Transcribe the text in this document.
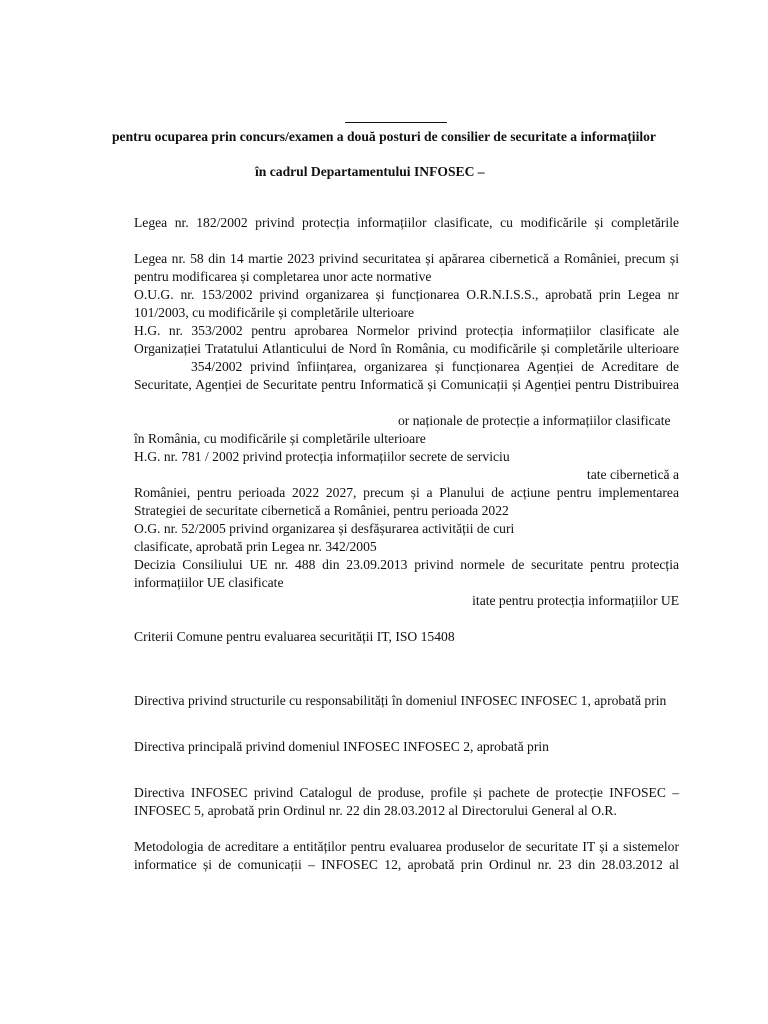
pentru ocuparea prin concurs/examen a două posturi de consilier de securitate a informațiilor
în cadrul Departamentului INFOSEC –

Legea nr. 182/2002 privind protecția informațiilor clasificate, cu modificările și completările

Legea nr. 58 din 14 martie 2023 privind securitatea și apărarea cibernetică a României, precum și

pentru modificarea și completarea unor acte normative

O.U.G. nr. 153/2002 privind organizarea și funcționarea O.R.N.I.S.S., aprobată prin Legea nr

101/2003, cu modificările și completările ulterioare

H.G. nr. 353/2002 pentru aprobarea Normelor privind protecția informațiilor clasificate ale

Organizației Tratatului Atlanticului de Nord în România, cu modificările și completările ulterioare

354/2002 privind înființarea, organizarea și funcționarea Agenției de Acreditare de

Securitate, Agenției de Securitate pentru Informatică și Comunicații și Agenției pentru Distribuirea

or naționale de protecție a informațiilor clasificate

în România, cu modificările și completările ulterioare

H.G. nr. 781 / 2002 privind protecția informațiilor secrete de serviciu

tate cibernetică a

României, pentru perioada 2022 2027, precum și a Planului de acțiune pentru implementarea

Strategiei de securitate cibernetică a României, pentru perioada 2022

O.G. nr. 52/2005 privind organizarea și desfășurarea activității de curi

clasificate, aprobată prin Legea nr. 342/2005

Decizia Consiliului UE nr. 488 din 23.09.2013 privind normele de securitate pentru protecția

informațiilor UE clasificate

itate pentru protecția informațiilor UE

Criterii Comune pentru evaluarea securității IT, ISO 15408

Directiva privind structurile cu responsabilități în domeniul INFOSEC INFOSEC 1, aprobată prin

Directiva principală privind domeniul INFOSEC INFOSEC 2, aprobată prin

Directiva INFOSEC privind Catalogul de produse, profile și pachete de protecție INFOSEC –

INFOSEC 5, aprobată prin Ordinul nr. 22 din 28.03.2012 al Directorului General al O.R.

Metodologia de acreditare a entităților pentru evaluarea produselor de securitate IT și a sistemelor

informatice și de comunicații – INFOSEC 12, aprobată prin Ordinul nr. 23 din 28.03.2012 al
